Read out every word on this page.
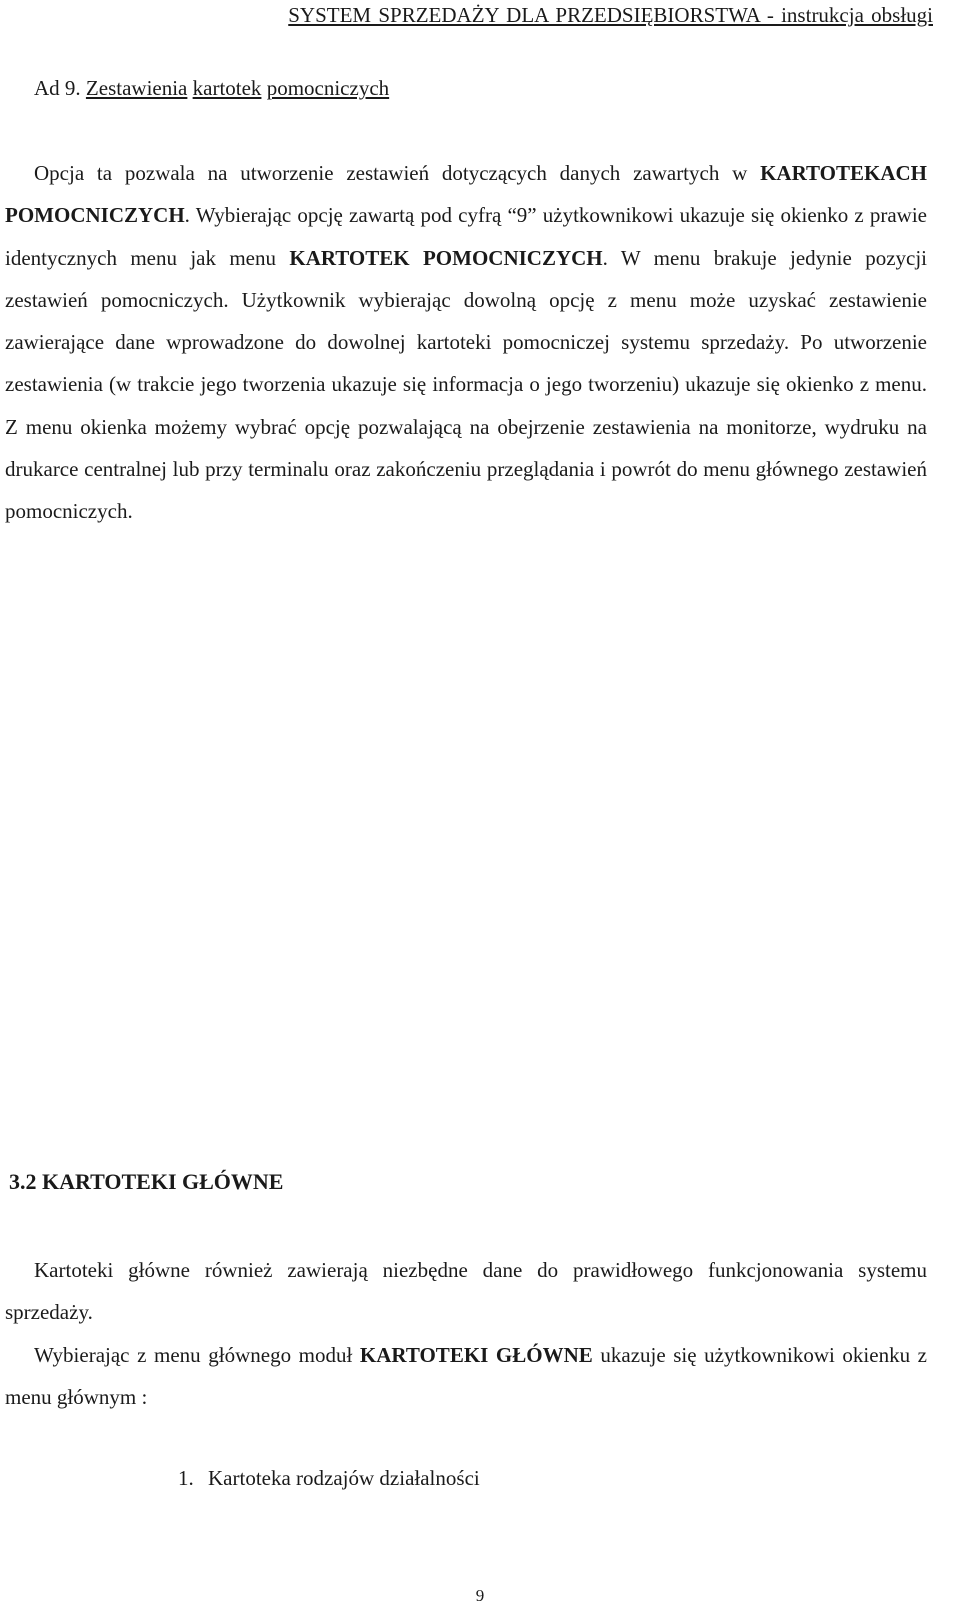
SYSTEM SPRZEDAŻY DLA PRZEDSIĘBIORSTWA - instrukcja obsługi
Ad 9. Zestawienia kartotek pomocniczych

Opcja ta pozwala na utworzenie zestawień dotyczących danych zawartych w KARTOTEKACH POMOCNICZYCH. Wybierając opcję zawartą pod cyfrą “9” użytkownikowi ukazuje się okienko z prawie identycznych menu jak menu KARTOTEK POMOCNICZYCH. W menu brakuje jedynie pozycji zestawień pomocniczych. Użytkownik wybierając dowolną opcję z menu może uzyskać zestawienie zawierające dane wprowadzone do dowolnej kartoteki pomocniczej systemu sprzedaży. Po utworzenie zestawienia (w trakcie jego tworzenia ukazuje się informacja o jego tworzeniu) ukazuje się okienko z menu. Z menu okienka możemy wybrać opcję pozwalającą na obejrzenie zestawienia na monitorze, wydruku na drukarce centralnej lub przy terminalu oraz zakończeniu przeglądania i powrót do menu głównego zestawień pomocniczych.

3.2 KARTOTEKI GŁÓWNE

Kartoteki główne również zawierają niezbędne dane do prawidłowego funkcjonowania systemu sprzedaży.

Wybierając z menu głównego moduł KARTOTEKI GŁÓWNE ukazuje się użytkownikowi okienku z menu głównym :

1. Kartoteka rodzajów działalności
9
